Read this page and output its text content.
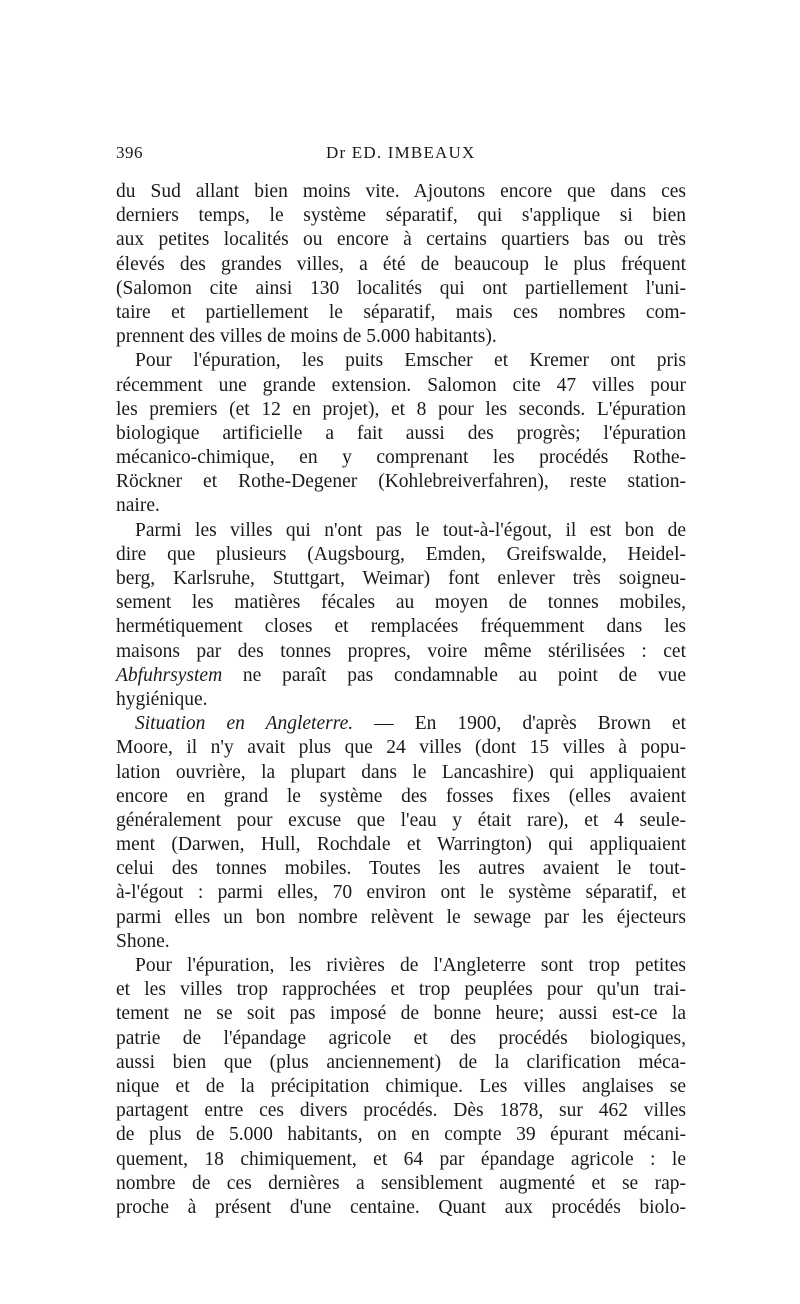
396	Dr ED. IMBEAUX
du Sud allant bien moins vite. Ajoutons encore que dans ces
derniers temps, le système séparatif, qui s'applique si bien
aux petites localités ou encore à certains quartiers bas ou très
élevés des grandes villes, a été de beaucoup le plus fréquent
(Salomon cite ainsi 130 localités qui ont partiellement l'uni-
taire et partiellement le séparatif, mais ces nombres com-
prennent des villes de moins de 5.000 habitants).
Pour l'épuration, les puits Emscher et Kremer ont pris
récemment une grande extension. Salomon cite 47 villes pour
les premiers (et 12 en projet), et 8 pour les seconds. L'épuration
biologique artificielle a fait aussi des progrès; l'épuration
mécanico-chimique, en y comprenant les procédés Rothe-
Röckner et Rothe-Degener (Kohlebreiverfahren), reste station-
naire.
Parmi les villes qui n'ont pas le tout-à-l'égout, il est bon de
dire que plusieurs (Augsbourg, Emden, Greifswalde, Heidel-
berg, Karlsruhe, Stuttgart, Weimar) font enlever très soigneu-
sement les matières fécales au moyen de tonnes mobiles,
hermétiquement closes et remplacées fréquemment dans les
maisons par des tonnes propres, voire même stérilisées : cet
Abfuhrsystem ne paraît pas condamnable au point de vue
hygiénique.
Situation en Angleterre. — En 1900, d'après Brown et
Moore, il n'y avait plus que 24 villes (dont 15 villes à popu-
lation ouvrière, la plupart dans le Lancashire) qui appliquaient
encore en grand le système des fosses fixes (elles avaient
généralement pour excuse que l'eau y était rare), et 4 seule-
ment (Darwen, Hull, Rochdale et Warrington) qui appliquaient
celui des tonnes mobiles. Toutes les autres avaient le tout-
à-l'égout : parmi elles, 70 environ ont le système séparatif, et
parmi elles un bon nombre relèvent le sewage par les éjecteurs
Shone.
Pour l'épuration, les rivières de l'Angleterre sont trop petites
et les villes trop rapprochées et trop peuplées pour qu'un trai-
tement ne se soit pas imposé de bonne heure; aussi est-ce la
patrie de l'épandage agricole et des procédés biologiques,
aussi bien que (plus anciennement) de la clarification méca-
nique et de la précipitation chimique. Les villes anglaises se
partagent entre ces divers procédés. Dès 1878, sur 462 villes
de plus de 5.000 habitants, on en compte 39 épurant mécani-
quement, 18 chimiquement, et 64 par épandage agricole : le
nombre de ces dernières a sensiblement augmenté et se rap-
proche à présent d'une centaine. Quant aux procédés biolo-
